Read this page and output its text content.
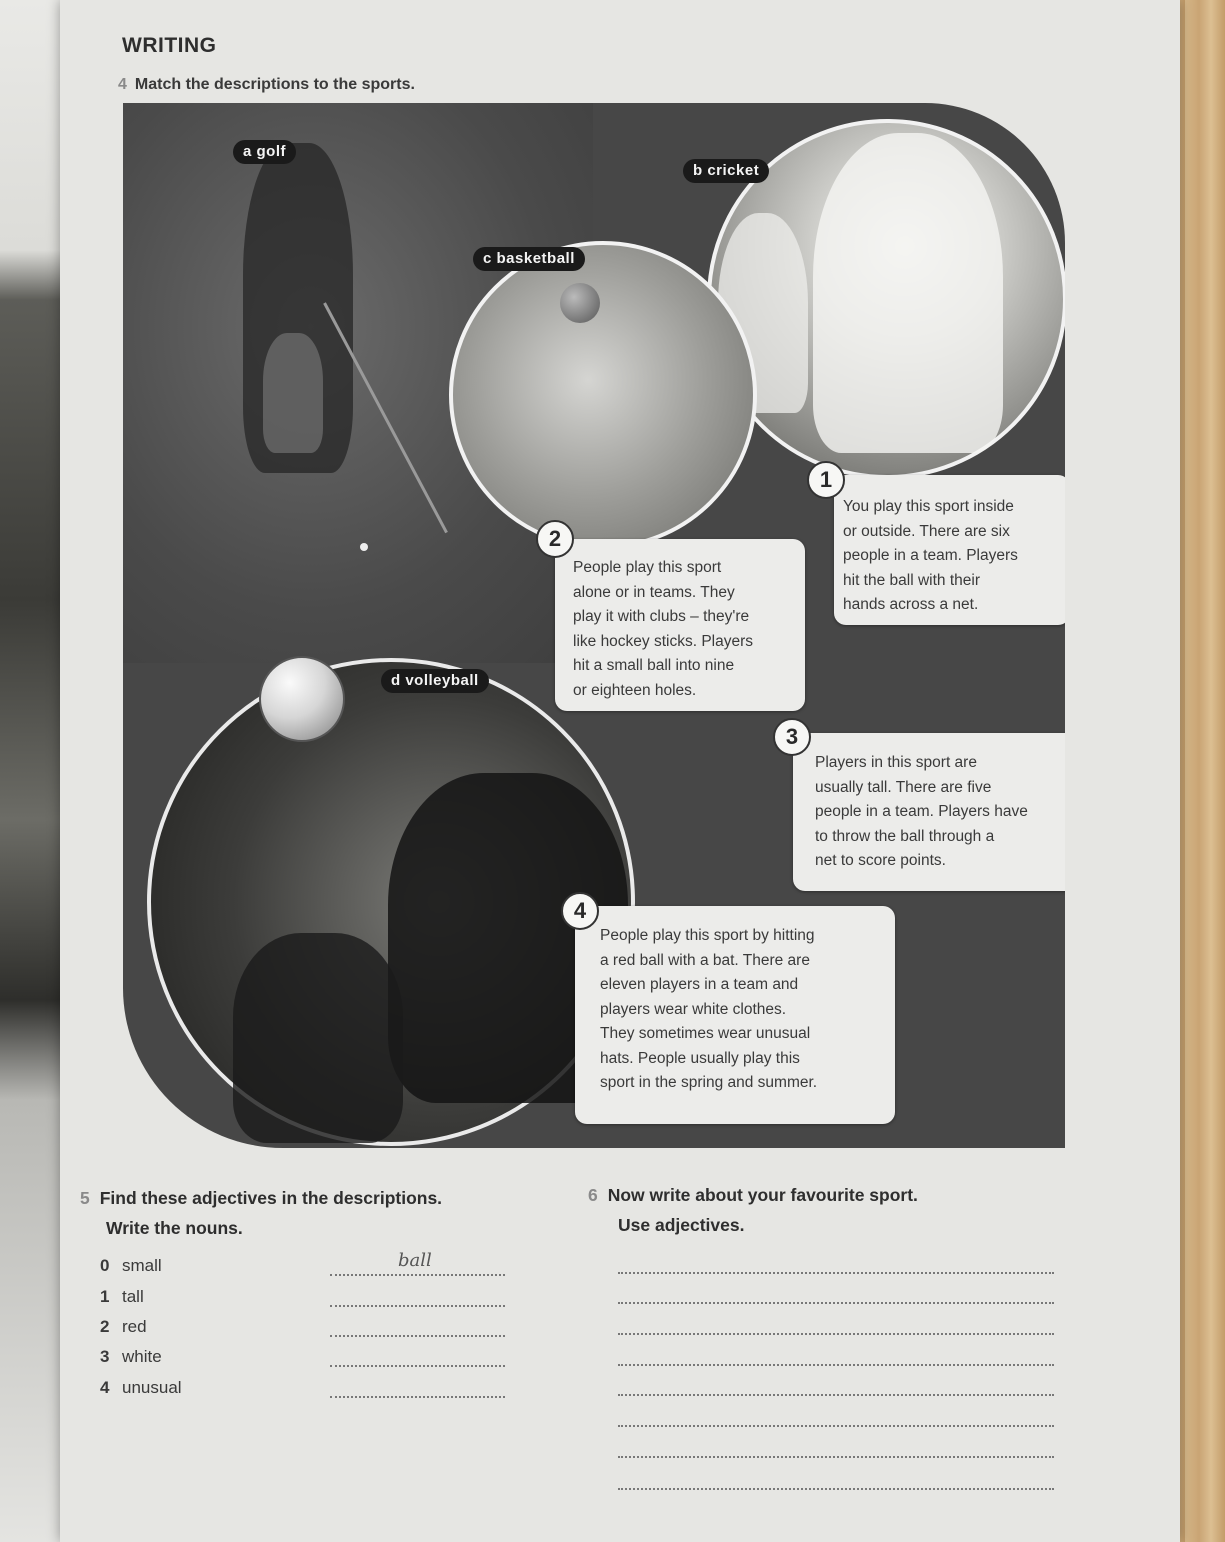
WRITING
4 Match the descriptions to the sports.
a golf
b cricket
c basketball
d volleyball
You play this sport inside
or outside. There are six
people in a team. Players
hit the ball with their
hands across a net.
1
People play this sport
alone or in teams. They
play it with clubs – they're
like hockey sticks. Players
hit a small ball into nine
or eighteen holes.
2
Players in this sport are
usually tall. There are five
people in a team. Players have
to throw the ball through a
net to score points.
3
People play this sport by hitting
a red ball with a bat. There are
eleven players in a team and
players wear white clothes.
They sometimes wear unusual
hats. People usually play this
sport in the spring and summer.
4
5 Find these adjectives in the descriptions.
Write the nouns.
0 small	ball
1 tall
2 red
3 white
4 unusual
6 Now write about your favourite sport.
Use adjectives.
